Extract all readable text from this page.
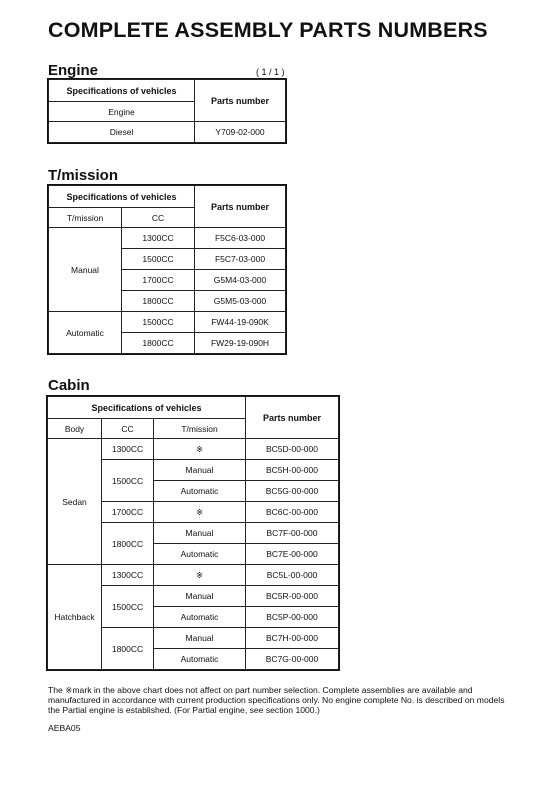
COMPLETE ASSEMBLY PARTS NUMBERS
Engine	( 1 / 1 )
Specifications of vehicles	Parts number
Engine	
Diesel	Y709-02-000
T/mission
Specifications of vehicles		Parts number
T/mission	CC	
Manual	1300CC	F5C6-03-000
	1500CC	F5C7-03-000
	1700CC	G5M4-03-000
	1800CC	G5M5-03-000
Automatic	1500CC	FW44-19-090K
	1800CC	FW29-19-090H
Cabin
Specifications of vehicles			Parts number
Body	CC	T/mission	
Sedan	1300CC	※	BC5D-00-000
	1500CC	Manual	BC5H-00-000
		Automatic	BC5G-00-000
	1700CC	※	BC6C-00-000
	1800CC	Manual	BC7F-00-000
		Automatic	BC7E-00-000
Hatchback	1300CC	※	BC5L-00-000
	1500CC	Manual	BC5R-00-000
		Automatic	BC5P-00-000
	1800CC	Manual	BC7H-00-000
		Automatic	BC7G-00-000
The ※mark in the above chart does not affect on part number selection. Complete assemblies are available and manufactured in accordance with current production specifications only. No engine complete No. is described on models the Partial engine is established. (For Partial engine, see section 1000.)
AEBA05
